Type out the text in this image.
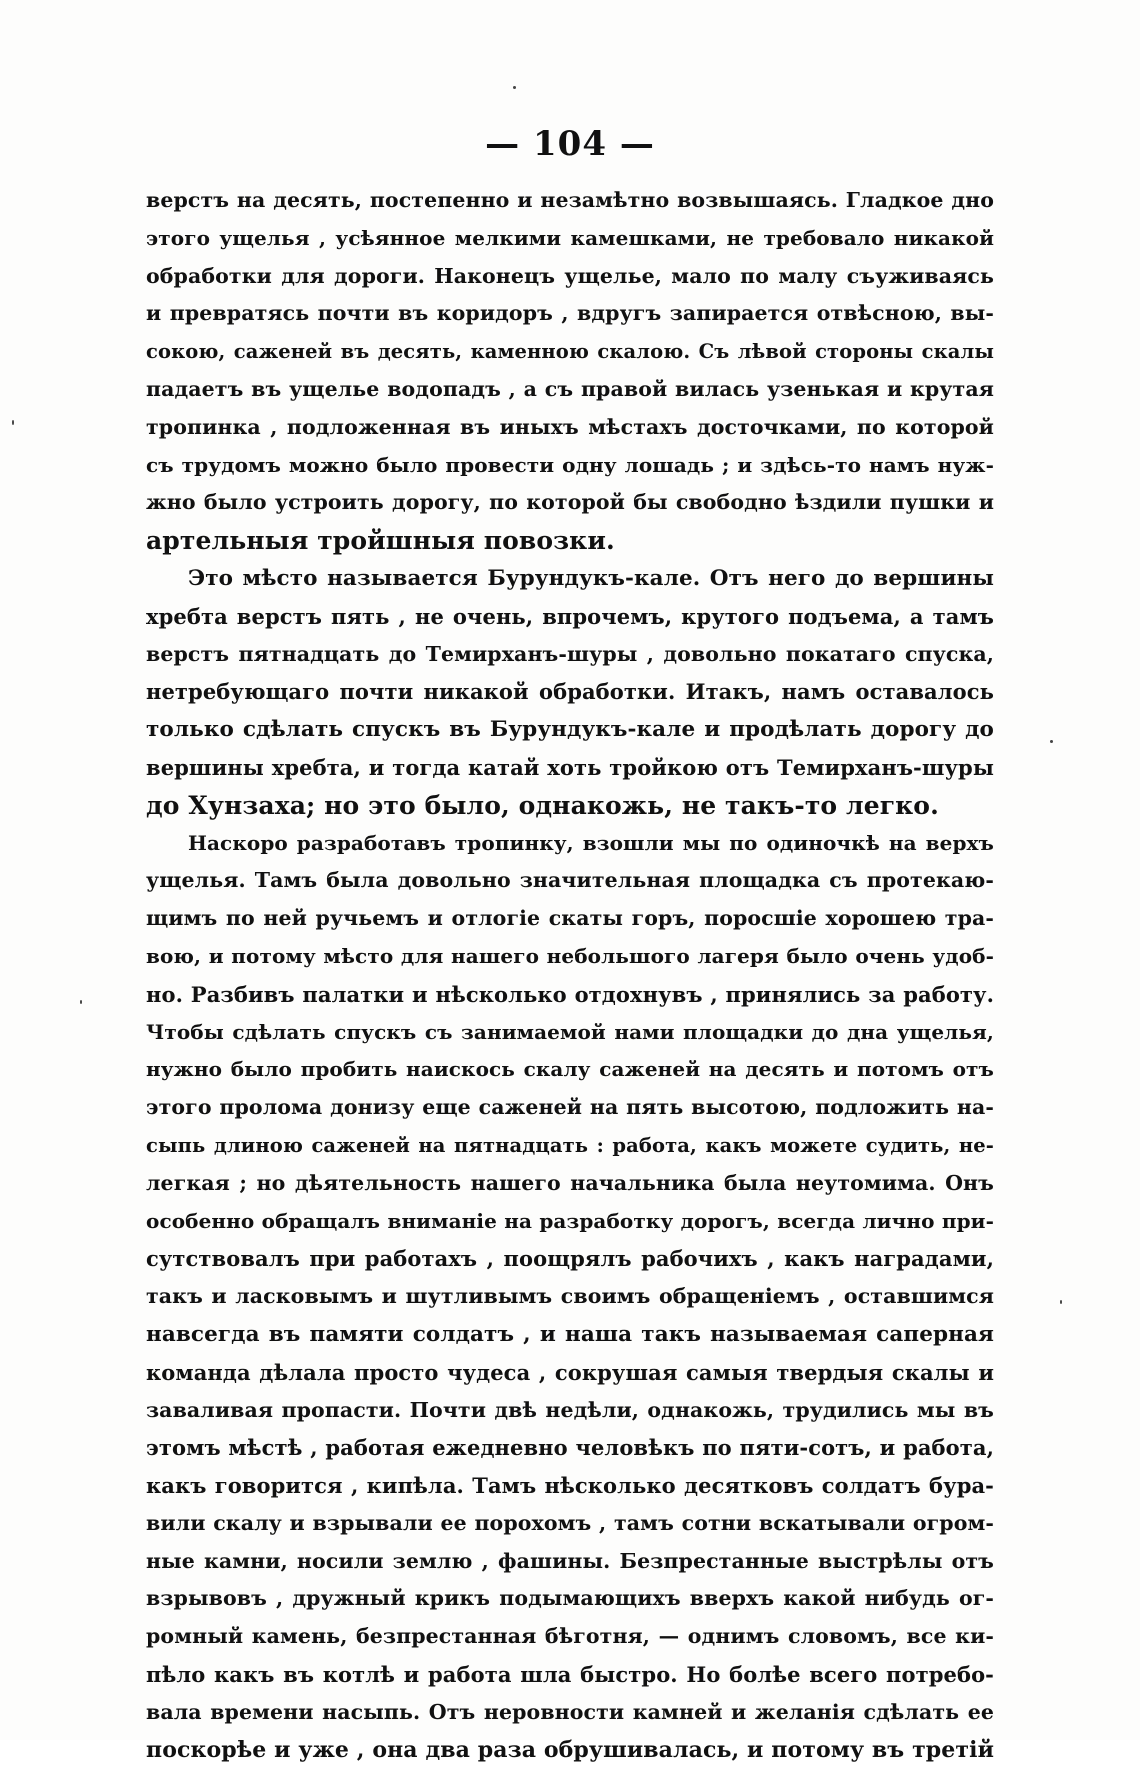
— 104 —
верстъ на десять, постепенно и незамѣтно возвышаясь. Гладкое дно
этого ущелья , усѣянное мелкими камешками, не требовало никакой
обработки для дороги. Наконецъ ущелье, мало по малу съуживаясь
и превратясь почти въ коридоръ , вдругъ запирается отвѣсною, вы-
сокою, саженей въ десять, каменною скалою. Съ лѣвой стороны скалы
падаетъ въ ущелье водопадъ , а съ правой вилась узенькая и крутая
тропинка , подложенная въ иныхъ мѣстахъ досточками, по которой
съ трудомъ можно было провести одну лошадь ; и здѣсь-то намъ нуж-
жно было устроить дорогу, по которой бы свободно ѣздили пушки и
артельныя тройшныя повозки.
Это мѣсто называется Бурундукъ-кале. Отъ него до вершины
хребта верстъ пять , не очень, впрочемъ, крутого подъема, а тамъ
верстъ пятнадцать до Темирханъ-шуры , довольно покатаго спуска,
нетребующаго почти никакой обработки. Итакъ, намъ оставалось
только сдѣлать спускъ въ Бурундукъ-кале и продѣлать дорогу до
вершины хребта, и тогда катай хоть тройкою отъ Темирханъ-шуры
до Хунзаха; но это было, однакожь, не такъ-то легко.
Наскоро разработавъ тропинку, взошли мы по одиночкѣ на верхъ
ущелья. Тамъ была довольно значительная площадка съ протекаю-
щимъ по ней ручьемъ и отлогіе скаты горъ, поросшіе хорошею тра-
вою, и потому мѣсто для нашего небольшого лагеря было очень удоб-
но. Разбивъ палатки и нѣсколько отдохнувъ , принялись за работу.
Чтобы сдѣлать спускъ съ занимаемой нами площадки до дна ущелья,
нужно было пробить наискось скалу саженей на десять и потомъ отъ
этого пролома донизу еще саженей на пять высотою, подложить на-
сыпь длиною саженей на пятнадцать : работа, какъ можете судить, не-
легкая ; но дѣятельность нашего начальника была неутомима. Онъ
особенно обращалъ вниманіе на разработку дорогъ, всегда лично при-
сутствовалъ при работахъ , поощрялъ рабочихъ , какъ наградами,
такъ и ласковымъ и шутливымъ своимъ обращеніемъ , оставшимся
навсегда въ памяти солдатъ , и наша такъ называемая саперная
команда дѣлала просто чудеса , сокрушая самыя твердыя скалы и
заваливая пропасти. Почти двѣ недѣли, однакожь, трудились мы въ
этомъ мѣстѣ , работая ежедневно человѣкъ по пяти-сотъ, и работа,
какъ говорится , кипѣла. Тамъ нѣсколько десятковъ солдатъ бура-
вили скалу и взрывали ее порохомъ , тамъ сотни вскатывали огром-
ные камни, носили землю , фашины. Безпрестанные выстрѣлы отъ
взрывовъ , дружный крикъ подымающихъ вверхъ какой нибудь ог-
ромный камень, безпрестанная бѣготня, — однимъ словомъ, все ки-
пѣло какъ въ котлѣ и работа шла быстро. Но болѣе всего потребо-
вала времени насыпь. Отъ неровности камней и желанія сдѣлать ее
поскорѣе и уже , она два раза обрушивалась, и потому въ третій
